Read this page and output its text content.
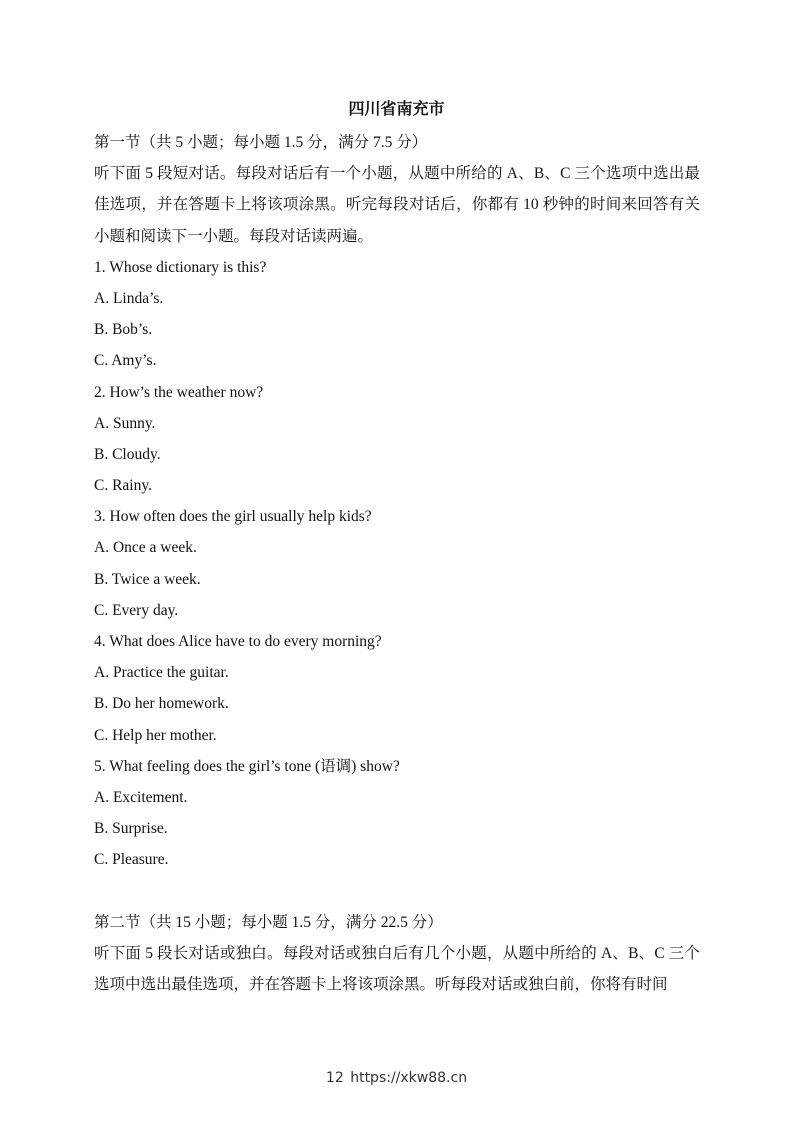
四川省南充市
第一节（共 5 小题；每小题 1.5 分，满分 7.5 分）
听下面 5 段短对话。每段对话后有一个小题，从题中所给的 A、B、C 三个选项中选出最佳选项，并在答题卡上将该项涂黑。听完每段对话后，你都有 10 秒钟的时间来回答有关小题和阅读下一小题。每段对话读两遍。
1. Whose dictionary is this?
A. Linda’s.
B. Bob’s.
C. Amy’s.
2. How’s the weather now?
A. Sunny.
B. Cloudy.
C. Rainy.
3. How often does the girl usually help kids?
A. Once a week.
B. Twice a week.
C. Every day.
4. What does Alice have to do every morning?
A. Practice the guitar.
B. Do her homework.
C. Help her mother.
5. What feeling does the girl’s tone (语调) show?
A. Excitement.
B. Surprise.
C. Pleasure.
第二节（共 15 小题；每小题 1.5 分，满分 22.5 分）
听下面 5 段长对话或独白。每段对话或独白后有几个小题，从题中所给的 A、B、C 三个选项中选出最佳选项，并在答题卡上将该项涂黑。听每段对话或独白前，你将有时间
12 https://xkw88.cn
